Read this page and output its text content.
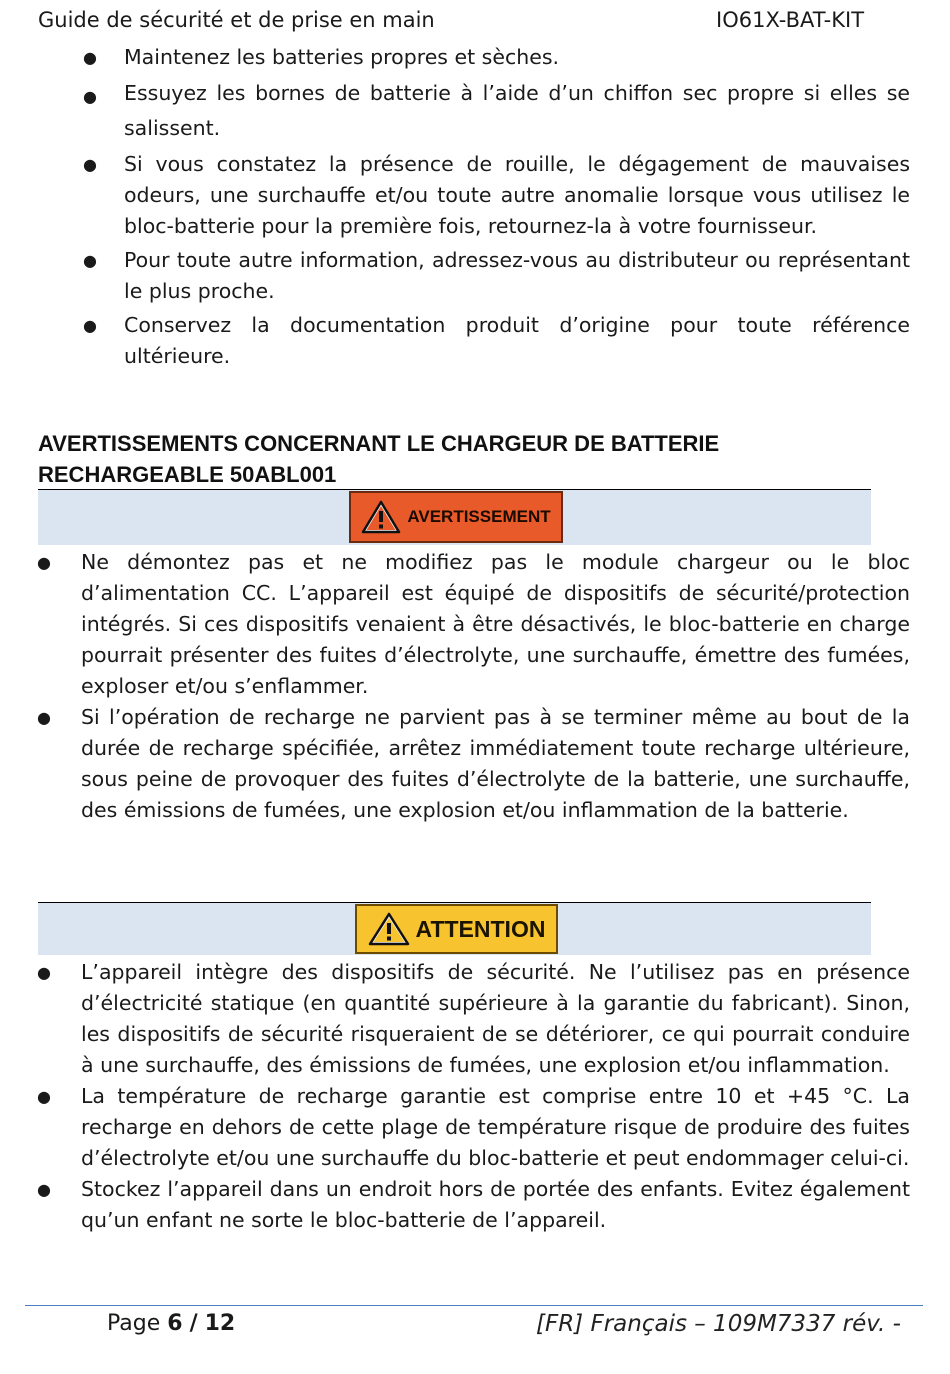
Guide de sécurité et de prise en main	IO61X-BAT-KIT
● Maintenez les batteries propres et sèches.
● Essuyez les bornes de batterie à l’aide d’un chiffon sec propre si elles se salissent.
● Si vous constatez la présence de rouille, le dégagement de mauvaises odeurs, une surchauffe et/ou toute autre anomalie lorsque vous utilisez le bloc-batterie pour la première fois, retournez-la à votre fournisseur.
● Pour toute autre information, adressez-vous au distributeur ou représentant le plus proche.
● Conservez la documentation produit d’origine pour toute référence ultérieure.
AVERTISSEMENTS CONCERNANT LE CHARGEUR DE BATTERIE
RECHARGEABLE 50ABL001
AVERTISSEMENT
● Ne démontez pas et ne modifiez pas le module chargeur ou le bloc d’alimentation CC. L’appareil est équipé de dispositifs de sécurité/protection intégrés. Si ces dispositifs venaient à être désactivés, le bloc-batterie en charge pourrait présenter des fuites d’électrolyte, une surchauffe, émettre des fumées, exploser et/ou s’enflammer.
● Si l’opération de recharge ne parvient pas à se terminer même au bout de la durée de recharge spécifiée, arrêtez immédiatement toute recharge ultérieure, sous peine de provoquer des fuites d’électrolyte de la batterie, une surchauffe, des émissions de fumées, une explosion et/ou inflammation de la batterie.
ATTENTION
● L’appareil intègre des dispositifs de sécurité. Ne l’utilisez pas en présence d’électricité statique (en quantité supérieure à la garantie du fabricant). Sinon, les dispositifs de sécurité risqueraient de se détériorer, ce qui pourrait conduire à une surchauffe, des émissions de fumées, une explosion et/ou inflammation.
● La température de recharge garantie est comprise entre 10 et +45 °C. La recharge en dehors de cette plage de température risque de produire des fuites d’électrolyte et/ou une surchauffe du bloc-batterie et peut endommager celui-ci.
● Stockez l’appareil dans un endroit hors de portée des enfants. Evitez également qu’un enfant ne sorte le bloc-batterie de l’appareil.
Page 6 / 12	[FR] Français – 109M7337 rév. -
